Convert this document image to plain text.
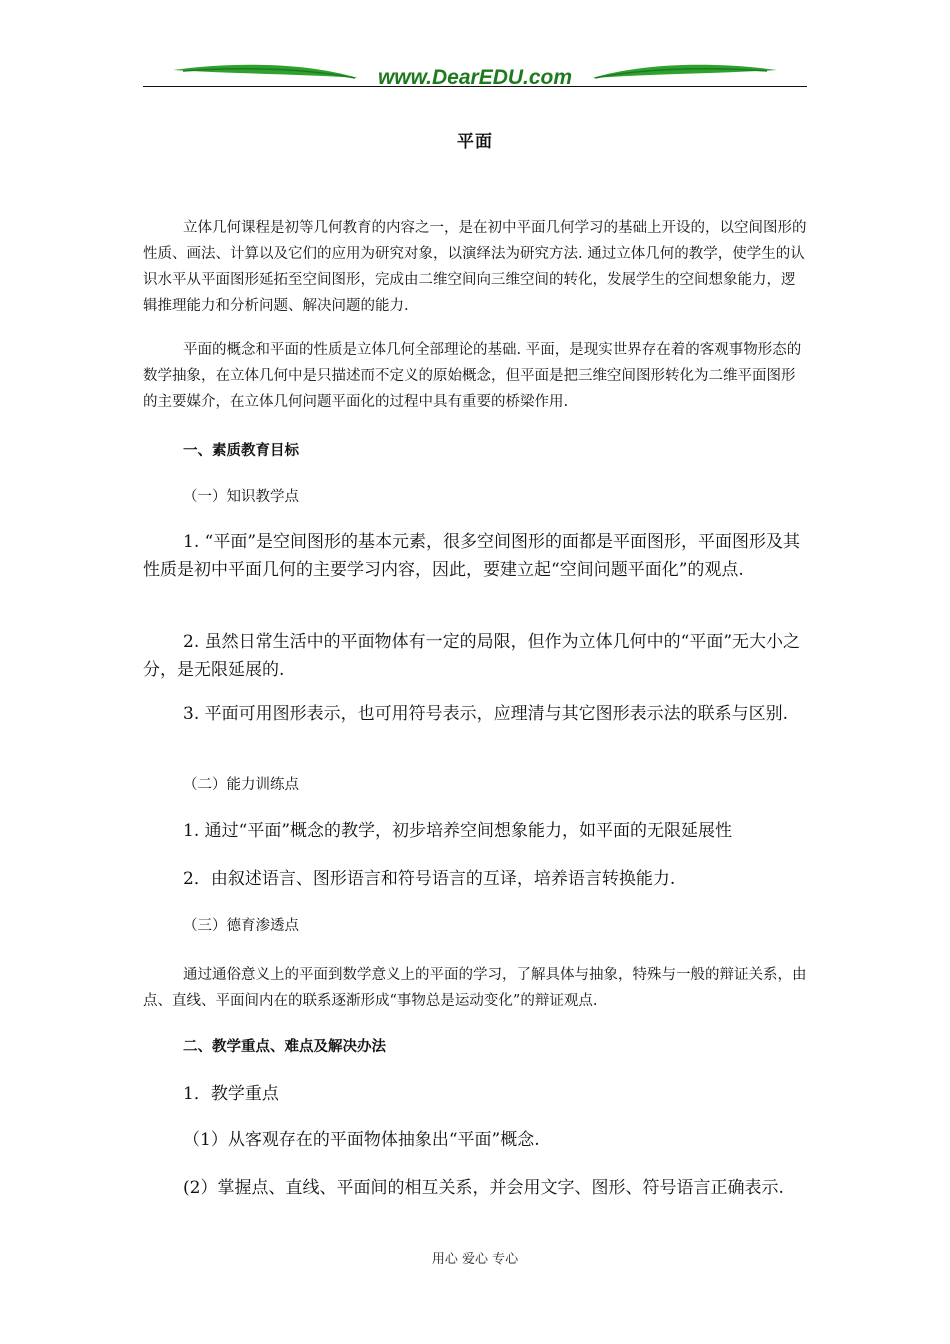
www.DearEDU.com
平面

立体几何课程是初等几何教育的内容之一，是在初中平面几何学习的基础上开设的，以空间图形的性质、画法、计算以及它们的应用为研究对象，以演绎法为研究方法. 通过立体几何的教学，使学生的认识水平从平面图形延拓至空间图形，完成由二维空间向三维空间的转化，发展学生的空间想象能力，逻辑推理能力和分析问题、解决问题的能力.

平面的概念和平面的性质是立体几何全部理论的基础. 平面，是现实世界存在着的客观事物形态的数学抽象，在立体几何中是只描述而不定义的原始概念，但平面是把三维空间图形转化为二维平面图形的主要媒介，在立体几何问题平面化的过程中具有重要的桥梁作用.

一、素质教育目标

（一）知识教学点

1. “平面”是空间图形的基本元素，很多空间图形的面都是平面图形，平面图形及其性质是初中平面几何的主要学习内容，因此，要建立起“空间问题平面化”的观点.

2. 虽然日常生活中的平面物体有一定的局限，但作为立体几何中的“平面”无大小之分，是无限延展的.

3. 平面可用图形表示，也可用符号表示，应理清与其它图形表示法的联系与区别.

（二）能力训练点

1. 通过“平面”概念的教学，初步培养空间想象能力，如平面的无限延展性

2．由叙述语言、图形语言和符号语言的互译，培养语言转换能力.

（三）德育渗透点

通过通俗意义上的平面到数学意义上的平面的学习，了解具体与抽象，特殊与一般的辩证关系，由点、直线、平面间内在的联系逐渐形成“事物总是运动变化”的辩证观点.

二、教学重点、难点及解决办法

1．教学重点

（1）从客观存在的平面物体抽象出“平面”概念.

(2）掌握点、直线、平面间的相互关系，并会用文字、图形、符号语言正确表示.

用心 爱心 专心
